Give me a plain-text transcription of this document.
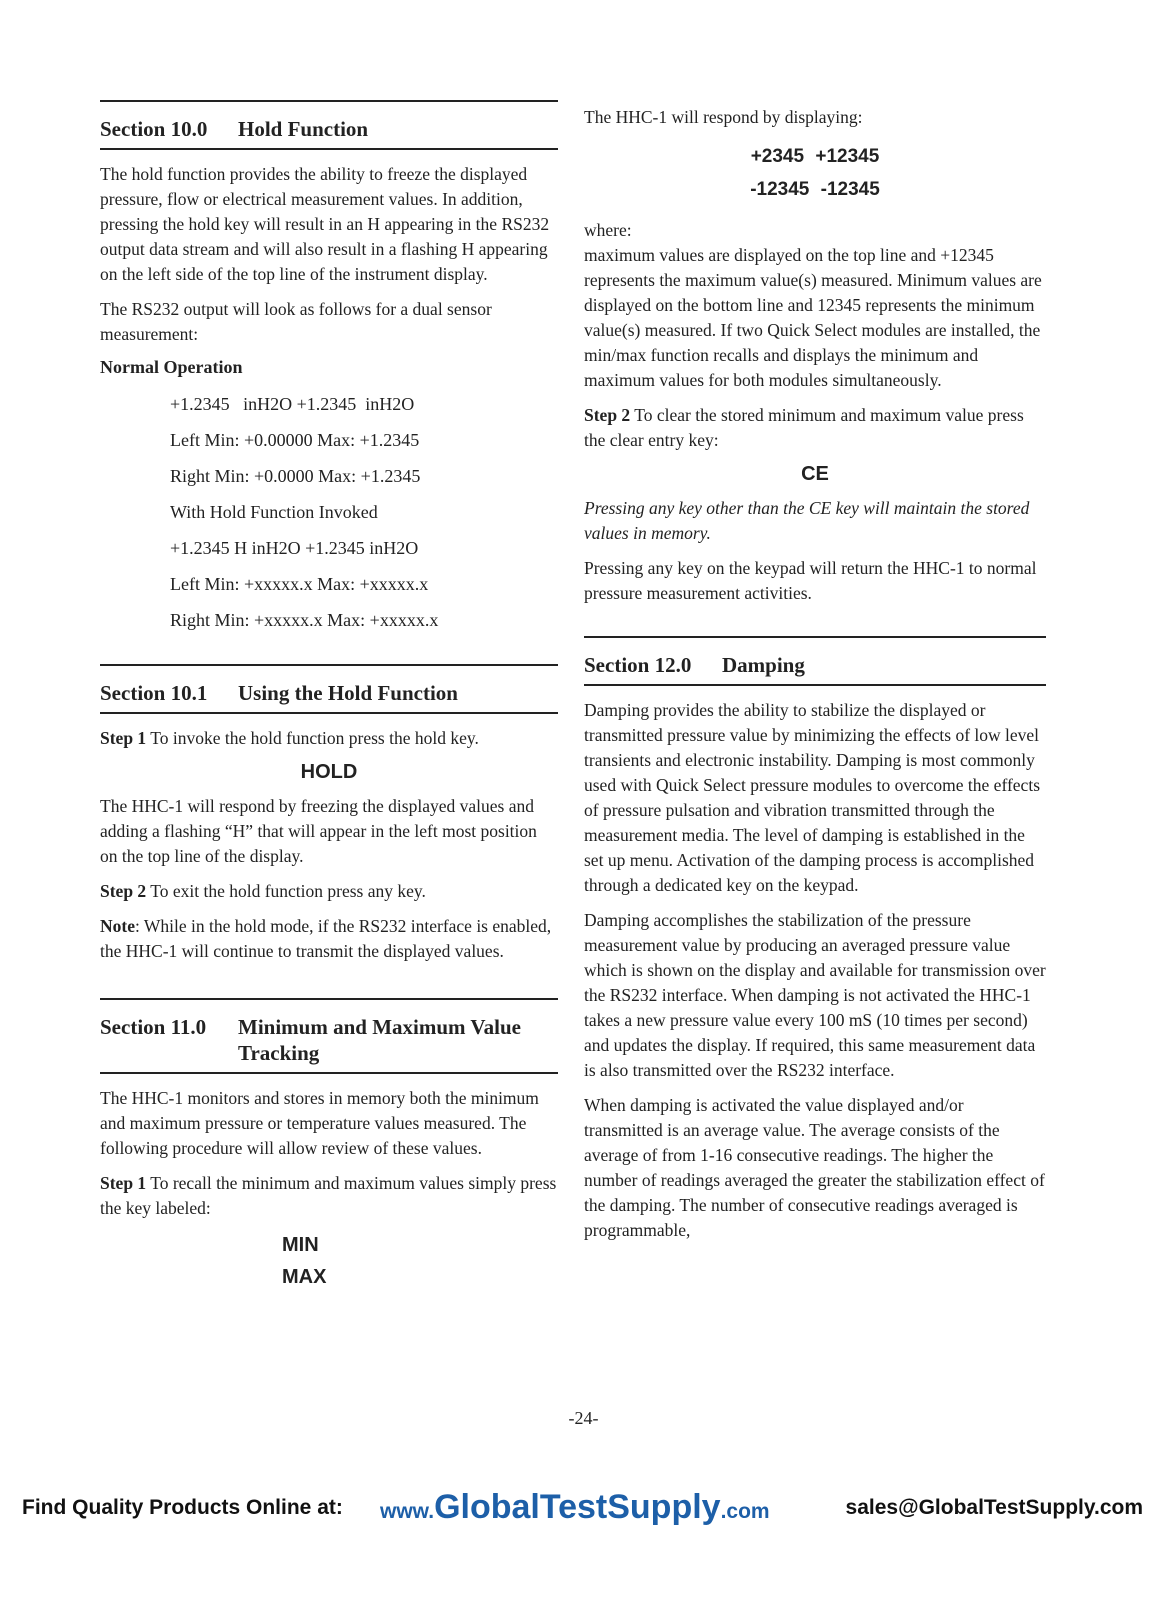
Section 10.0	Hold Function

The hold function provides the ability to freeze the displayed pressure, flow or electrical measurement values. In addition, pressing the hold key will result in an H appearing in the RS232 output data stream and will also result in a flashing H appearing on the left side of the top line of the instrument display.

The RS232 output will look as follows for a dual sensor measurement:

Normal Operation
+1.2345   inH2O +1.2345  inH2O
Left Min: +0.00000 Max: +1.2345
Right Min: +0.0000 Max: +1.2345
With Hold Function Invoked
+1.2345 H inH2O +1.2345 inH2O
Left Min: +xxxxx.x Max: +xxxxx.x
Right Min: +xxxxx.x Max: +xxxxx.x
Section 10.1	Using the Hold Function

Step 1 To invoke the hold function press the hold key.

HOLD

The HHC-1 will respond by freezing the displayed values and adding a flashing “H” that will appear in the left most position on the top line of the display.

Step 2 To exit the hold function press any key.

Note: While in the hold mode, if the RS232 interface is enabled, the HHC-1 will continue to transmit the displayed values.

Section 11.0	Minimum and Maximum Value Tracking

The HHC-1 monitors and stores in memory both the minimum and maximum pressure or temperature values measured. The following procedure will allow review of these values.

Step 1 To recall the minimum and maximum values simply press the key labeled:

MIN
MAX

The HHC-1 will respond by displaying:

+2345 +12345
-12345 -12345

where:

maximum values are displayed on the top line and +12345 represents the maximum value(s) measured. Minimum values are displayed on the bottom line and 12345 represents the minimum value(s) measured. If two Quick Select modules are installed, the min/max function recalls and displays the minimum and maximum values for both modules simultaneously.

Step 2 To clear the stored minimum and maximum value press the clear entry key:

CE

Pressing any key other than the CE key will maintain the stored values in memory.

Pressing any key on the keypad will return the HHC-1 to normal pressure measurement activities.

Section 12.0	Damping

Damping provides the ability to stabilize the displayed or transmitted pressure value by minimizing the effects of low level transients and electronic instability. Damping is most commonly used with Quick Select pressure modules to overcome the effects of pressure pulsation and vibration transmitted through the measurement media. The level of damping is established in the set up menu. Activation of the damping process is accomplished through a dedicated key on the keypad.

Damping accomplishes the stabilization of the pressure measurement value by producing an averaged pressure value which is shown on the display and available for transmission over the RS232 interface. When damping is not activated the HHC-1 takes a new pressure value every 100 mS (10 times per second) and updates the display. If required, this same measurement data is also transmitted over the RS232 interface.

When damping is activated the value displayed and/or transmitted is an average value. The average consists of the average of from 1-16 consecutive readings. The higher the number of readings averaged the greater the stabilization effect of the damping. The number of consecutive readings averaged is programmable,

-24-
Find Quality Products Online at: www.GlobalTestSupply.com	sales@GlobalTestSupply.com
